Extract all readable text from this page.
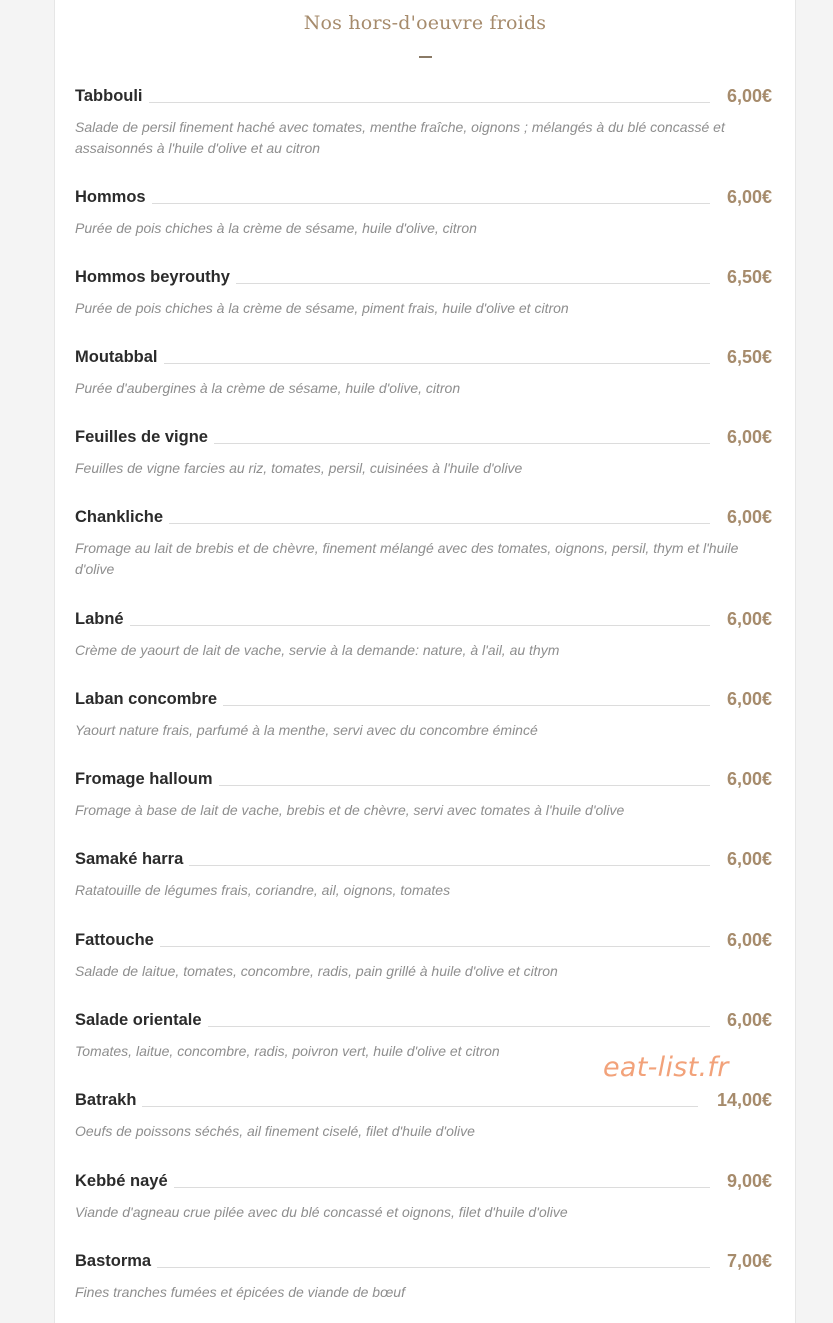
Nos hors-d'oeuvre froids
Tabbouli	6,00€
Salade de persil finement haché avec tomates, menthe fraîche, oignons ; mélangés à du blé concassé et assaisonnés à l'huile d'olive et au citron
Hommos	6,00€
Purée de pois chiches à la crème de sésame, huile d'olive, citron
Hommos beyrouthy	6,50€
Purée de pois chiches à la crème de sésame, piment frais, huile d'olive et citron
Moutabbal	6,50€
Purée d'aubergines à la crème de sésame, huile d'olive, citron
Feuilles de vigne	6,00€
Feuilles de vigne farcies au riz, tomates, persil, cuisinées à l'huile d'olive
Chankliche	6,00€
Fromage au lait de brebis et de chèvre, finement mélangé avec des tomates, oignons, persil, thym et l'huile d'olive
Labné	6,00€
Crème de yaourt de lait de vache, servie à la demande: nature, à l'ail, au thym
Laban concombre	6,00€
Yaourt nature frais, parfumé à la menthe, servi avec du concombre émincé
Fromage halloum	6,00€
Fromage à base de lait de vache, brebis et de chèvre, servi avec tomates à l'huile d'olive
Samaké harra	6,00€
Ratatouille de légumes frais, coriandre, ail, oignons, tomates
Fattouche	6,00€
Salade de laitue, tomates, concombre, radis, pain grillé à huile d'olive et citron
Salade orientale	6,00€
Tomates, laitue, concombre, radis, poivron vert, huile d'olive et citron
Batrakh	14,00€
Oeufs de poissons séchés, ail finement ciselé, filet d'huile d'olive
Kebbé nayé	9,00€
Viande d'agneau crue pilée avec du blé concassé et oignons, filet d'huile d'olive
Bastorma	7,00€
Fines tranches fumées et épicées de viande de bœuf
eat-list.fr
